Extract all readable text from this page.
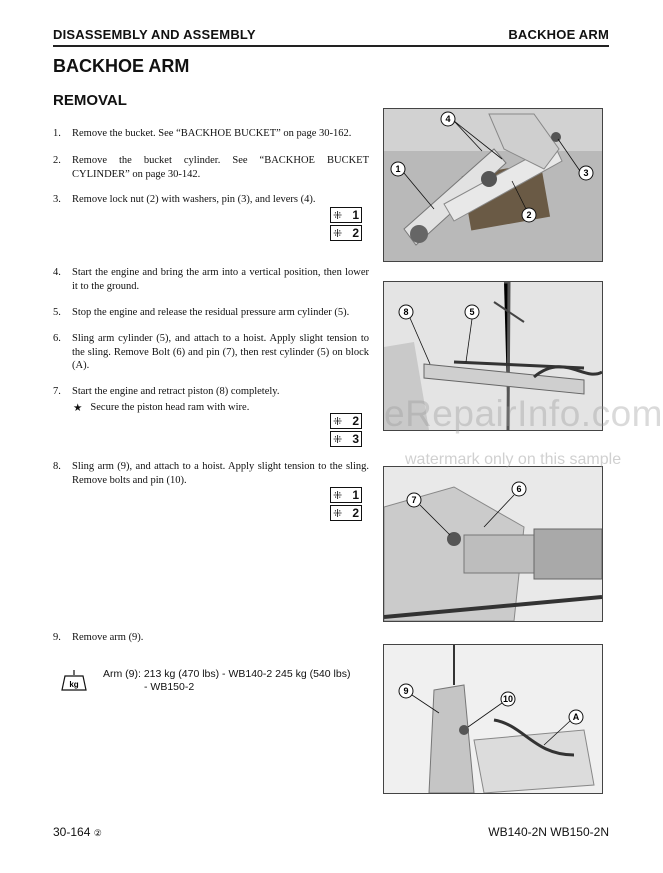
DISASSEMBLY AND ASSEMBLY	BACKHOE ARM
BACKHOE ARM
REMOVAL
1.	Remove the bucket. See “BACKHOE BUCKET” on page 30-162.
2.	Remove the bucket cylinder. See “BACKHOE BUCKET CYLINDER” on page 30-142.
3.	Remove lock nut (2) with washers, pin (3), and levers (4).
⁜ 1
⁜ 2
4.	Start the engine and bring the arm into a vertical position, then lower it to the ground.
5.	Stop the engine and release the residual pressure arm cylinder (5).
6.	Sling arm cylinder (5), and attach to a hoist. Apply slight tension to the sling. Remove Bolt (6) and pin (7), then rest cylinder (5) on block (A).
7.	Start the engine and retract piston (8) completely.
★ Secure the piston head ram with wire.
⁜ 2
⁜ 3
8.	Sling arm (9), and attach to a hoist. Apply slight tension to the sling. Remove bolts and pin (10).
⁜ 1
⁜ 2
9.	Remove arm (9).
kg
Arm (9): 213 kg (470 lbs) - WB140-2 245 kg (540 lbs)
- WB150-2
4
1	3
2
8	5
7
6
9
10
A
eRepairInfo.com
watermark only on this sample
30-164 ②	WB140-2N WB150-2N
